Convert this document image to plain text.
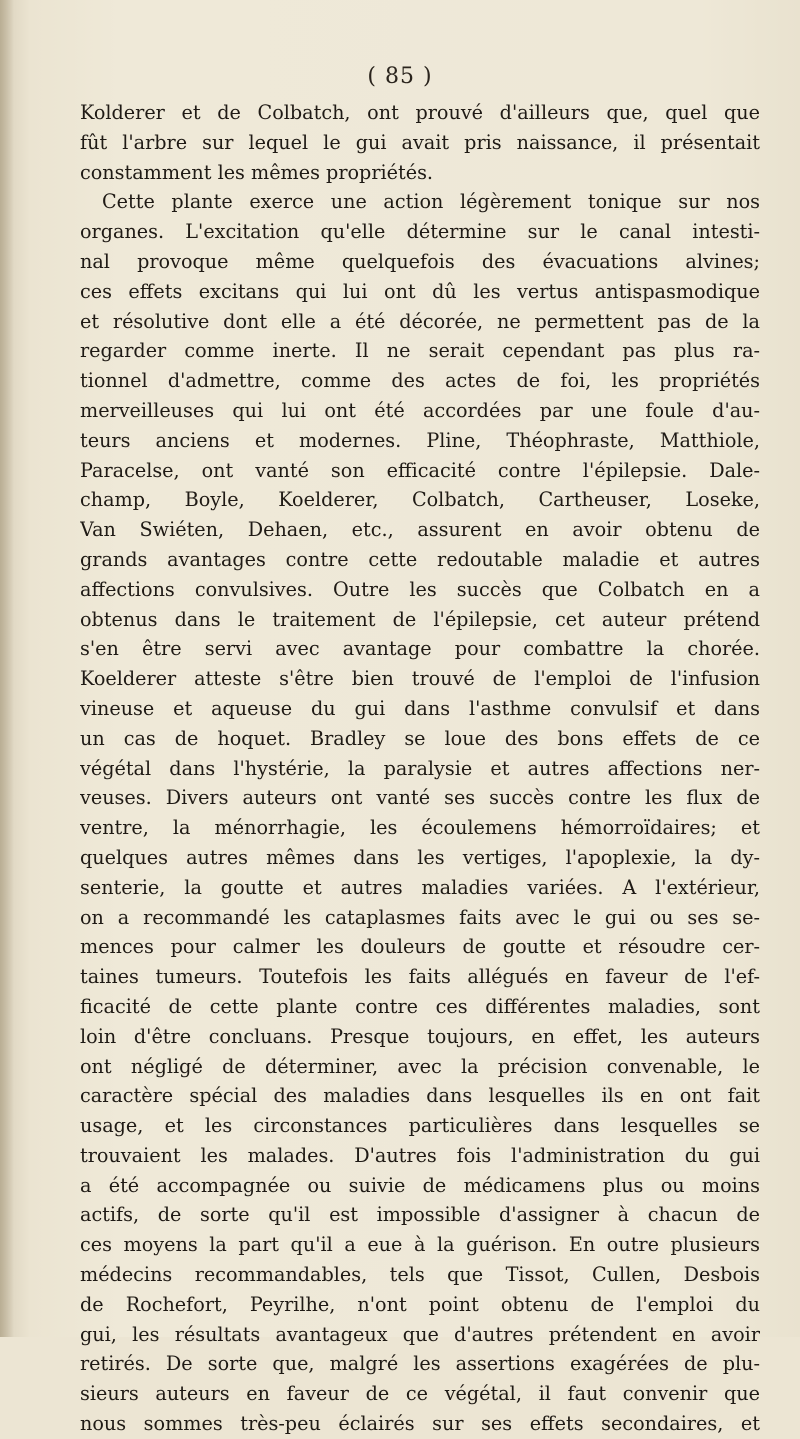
( 85 )
Kolderer et de Colbatch, ont prouvé d'ailleurs que, quel que
fût l'arbre sur lequel le gui avait pris naissance, il présentait
constamment les mêmes propriétés.
Cette plante exerce une action légèrement tonique sur nos
organes. L'excitation qu'elle détermine sur le canal intesti-
nal provoque même quelquefois des évacuations alvines;
ces effets excitans qui lui ont dû les vertus antispasmodique
et résolutive dont elle a été décorée, ne permettent pas de la
regarder comme inerte. Il ne serait cependant pas plus ra-
tionnel d'admettre, comme des actes de foi, les propriétés
merveilleuses qui lui ont été accordées par une foule d'au-
teurs anciens et modernes. Pline, Théophraste, Matthiole,
Paracelse, ont vanté son efficacité contre l'épilepsie. Dale-
champ, Boyle, Koelderer, Colbatch, Cartheuser, Loseke,
Van Swiéten, Dehaen, etc., assurent en avoir obtenu de
grands avantages contre cette redoutable maladie et autres
affections convulsives. Outre les succès que Colbatch en a
obtenus dans le traitement de l'épilepsie, cet auteur prétend
s'en être servi avec avantage pour combattre la chorée.
Koelderer atteste s'être bien trouvé de l'emploi de l'infusion
vineuse et aqueuse du gui dans l'asthme convulsif et dans
un cas de hoquet. Bradley se loue des bons effets de ce
végétal dans l'hystérie, la paralysie et autres affections ner-
veuses. Divers auteurs ont vanté ses succès contre les flux de
ventre, la ménorrhagie, les écoulemens hémorroïdaires; et
quelques autres mêmes dans les vertiges, l'apoplexie, la dy-
senterie, la goutte et autres maladies variées. A l'extérieur,
on a recommandé les cataplasmes faits avec le gui ou ses se-
mences pour calmer les douleurs de goutte et résoudre cer-
taines tumeurs. Toutefois les faits allégués en faveur de l'ef-
ficacité de cette plante contre ces différentes maladies, sont
loin d'être concluans. Presque toujours, en effet, les auteurs
ont négligé de déterminer, avec la précision convenable, le
caractère spécial des maladies dans lesquelles ils en ont fait
usage, et les circonstances particulières dans lesquelles se
trouvaient les malades. D'autres fois l'administration du gui
a été accompagnée ou suivie de médicamens plus ou moins
actifs, de sorte qu'il est impossible d'assigner à chacun de
ces moyens la part qu'il a eue à la guérison. En outre plusieurs
médecins recommandables, tels que Tissot, Cullen, Desbois
de Rochefort, Peyrilhe, n'ont point obtenu de l'emploi du
gui, les résultats avantageux que d'autres prétendent en avoir
retirés. De sorte que, malgré les assertions exagérées de plu-
sieurs auteurs en faveur de ce végétal, il faut convenir que
nous sommes très-peu éclairés sur ses effets secondaires, et
